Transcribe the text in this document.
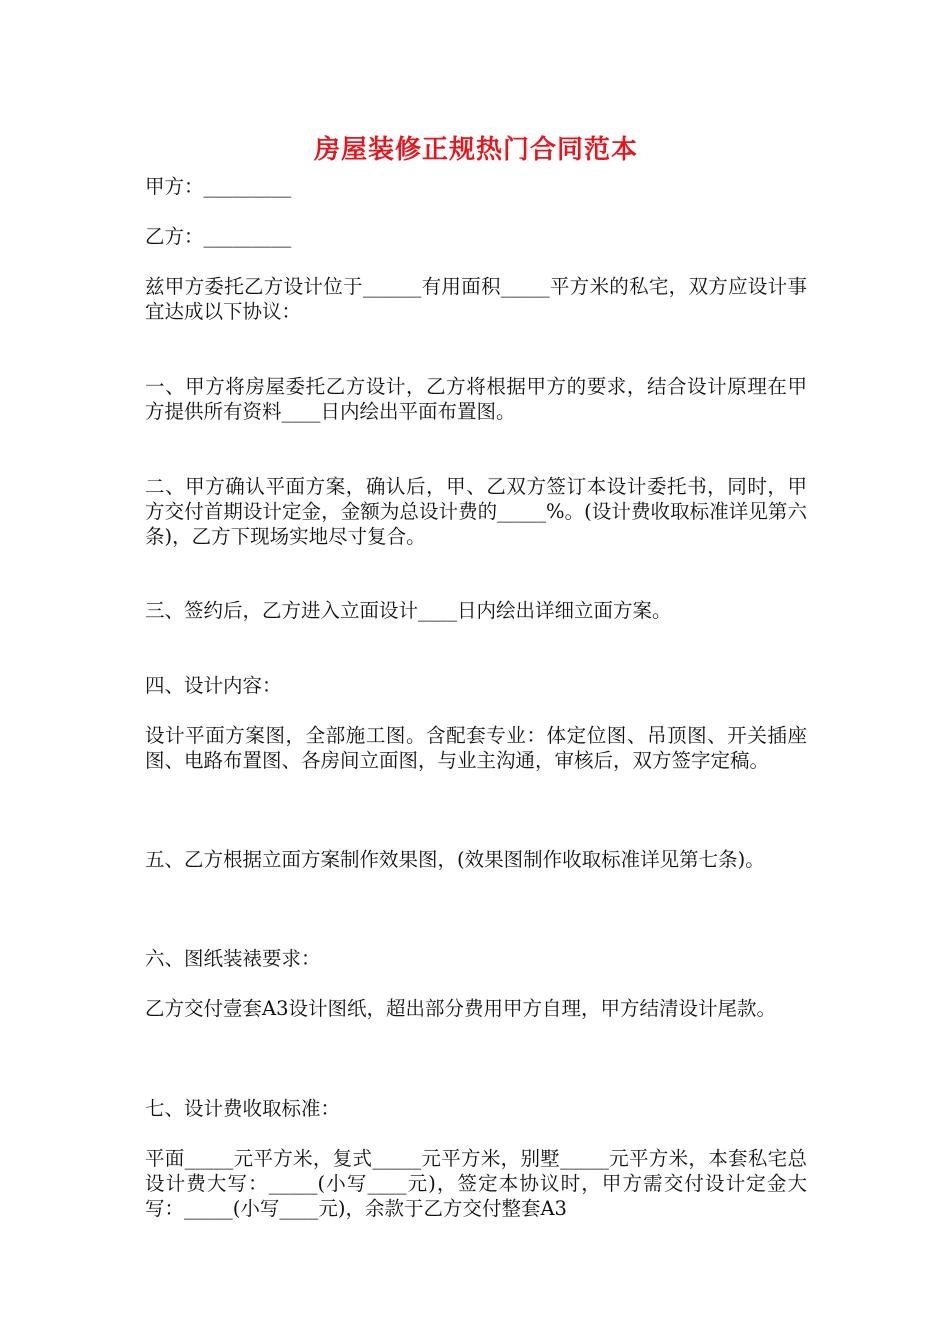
房屋装修正规热门合同范本
甲方：_________
乙方：_________
兹甲方委托乙方设计位于______有用面积_____平方米的私宅，双方应设计事宜达成以下协议：
一、甲方将房屋委托乙方设计，乙方将根据甲方的要求，结合设计原理在甲方提供所有资料____日内绘出平面布置图。
二、甲方确认平面方案，确认后，甲、乙双方签订本设计委托书，同时，甲方交付首期设计定金，金额为总设计费的_____%。(设计费收取标准详见第六条)，乙方下现场实地尽寸复合。
三、签约后，乙方进入立面设计____日内绘出详细立面方案。
四、设计内容：
设计平面方案图，全部施工图。含配套专业：体定位图、吊顶图、开关插座图、电路布置图、各房间立面图，与业主沟通，审核后，双方签字定稿。
五、乙方根据立面方案制作效果图，(效果图制作收取标准详见第七条)。
六、图纸装裱要求：
乙方交付壹套A3设计图纸，超出部分费用甲方自理，甲方结清设计尾款。
七、设计费收取标准：
平面_____元平方米，复式_____元平方米，别墅_____元平方米，本套私宅总设计费大写：_____(小写____元)，签定本协议时，甲方需交付设计定金大写：_____(小写____元)，余款于乙方交付整套A3
